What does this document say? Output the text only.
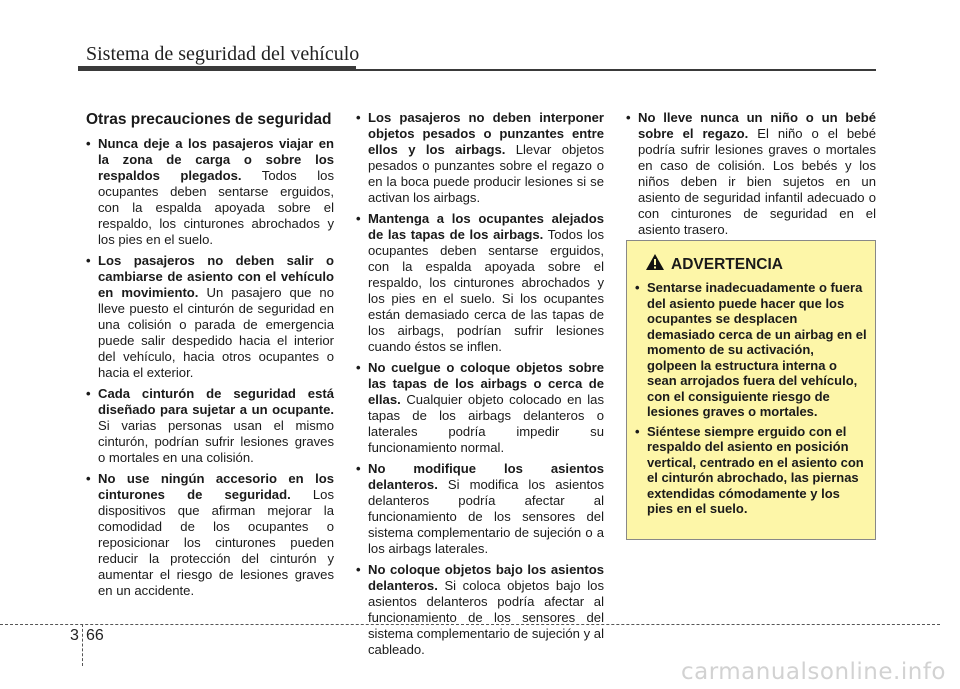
Sistema de seguridad del vehículo
Otras precauciones de seguridad
• Nunca deje a los pasajeros viajar en la zona de carga o sobre los respaldos plegados. Todos los ocupantes deben sentarse erguidos, con la espalda apoyada sobre el respaldo, los cinturones abrochados y los pies en el suelo.
• Los pasajeros no deben salir o cambiarse de asiento con el vehículo en movimiento. Un pasajero que no lleve puesto el cinturón de seguridad en una colisión o parada de emergencia puede salir despedido hacia el interior del vehículo, hacia otros ocupantes o hacia el exterior.
• Cada cinturón de seguridad está diseñado para sujetar a un ocupante. Si varias personas usan el mismo cinturón, podrían sufrir lesiones graves o mortales en una colisión.
• No use ningún accesorio en los cinturones de seguridad. Los dispositivos que afirman mejorar la comodidad de los ocupantes o reposicionar los cinturones pueden reducir la protección del cinturón y aumentar el riesgo de lesiones graves en un accidente.
• Los pasajeros no deben interponer objetos pesados o punzantes entre ellos y los airbags. Llevar objetos pesados o punzantes sobre el regazo o en la boca puede producir lesiones si se activan los airbags.
• Mantenga a los ocupantes alejados de las tapas de los airbags. Todos los ocupantes deben sentarse erguidos, con la espalda apoyada sobre el respaldo, los cinturones abrochados y los pies en el suelo. Si los ocupantes están demasiado cerca de las tapas de los airbags, podrían sufrir lesiones cuando éstos se inflen.
• No cuelgue o coloque objetos sobre las tapas de los airbags o cerca de ellas. Cualquier objeto colocado en las tapas de los airbags delanteros o laterales podría impedir su funcionamiento normal.
• No modifique los asientos delanteros. Si modifica los asientos delanteros podría afectar al funcionamiento de los sensores del sistema complementario de sujeción o a los airbags laterales.
• No coloque objetos bajo los asientos delanteros. Si coloca objetos bajo los asientos delanteros podría afectar al funcionamiento de los sensores del sistema complementario de sujeción y al cableado.
• No lleve nunca un niño o un bebé sobre el regazo. El niño o el bebé podría sufrir lesiones graves o mortales en caso de colisión. Los bebés y los niños deben ir bien sujetos en un asiento de seguridad infantil adecuado o con cinturones de seguridad en el asiento trasero.
ADVERTENCIA
• Sentarse inadecuadamente o fuera del asiento puede hacer que los ocupantes se desplacen demasiado cerca de un airbag en el momento de su activación, golpeen la estructura interna o sean arrojados fuera del vehículo, con el consiguiente riesgo de lesiones graves o mortales.
• Siéntese siempre erguido con el respaldo del asiento en posición vertical, centrado en el asiento con el cinturón abrochado, las piernas extendidas cómodamente y los pies en el suelo.
3 66
carmanualsonline.info
